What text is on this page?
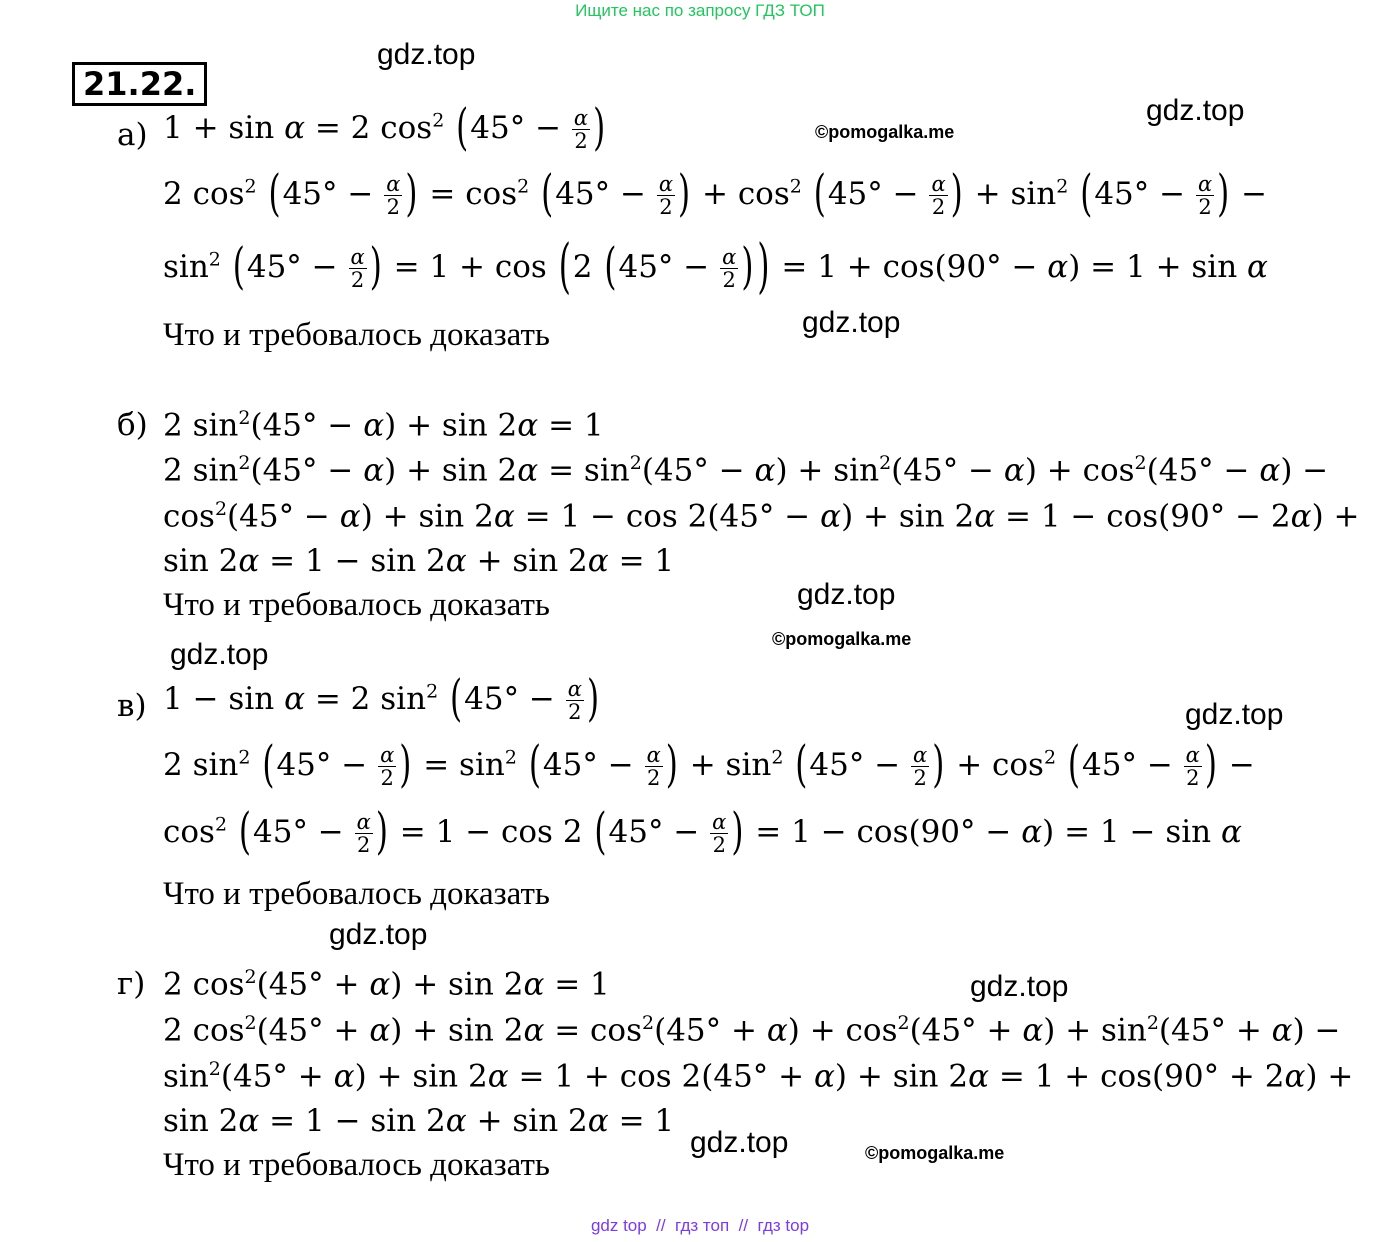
Ищите нас по запросу ГДЗ ТОП
21.22.
gdz.top
gdz.top
gdz.top
gdz.top
gdz.top
gdz.top
gdz.top
gdz.top
gdz.top
©pomogalka.me
©pomogalka.me
©pomogalka.me
а) 1 + sin α = 2 $\cos^2 (45^\circ - \frac{\alpha}{2}$ )
2 $\cos^2 (45^\circ - \frac{\alpha}{2}$ ) = $\cos^2 (45^\circ - \frac{\alpha}{2}$ ) + $\cos^2 (45^\circ - \frac{\alpha}{2}$ ) + $\sin^2 (45^\circ - \frac{\alpha}{2}$ ) −
$\sin^2 (45^\circ - \frac{\alpha}{2}$ ) = 1 + cos (2 ($45^\circ - \frac{\alpha}{2}$ ) ) = 1 + cos(90° − α) = 1 + sin α
Что и требовалось доказать
б) 2 $\sin^2(45^\circ - \alpha) + \sin 2\alpha = 1$
2 $\sin^2(45^\circ - \alpha) + \sin 2\alpha = \sin^2(45^\circ - \alpha) + \sin^2(45^\circ - \alpha) + \cos^2(45^\circ - \alpha)$ −
$\cos^2(45^\circ - \alpha) + \sin 2\alpha = 1 - \cos 2(45^\circ - \alpha) + \sin 2\alpha = 1 - \cos(90^\circ - 2\alpha)$ +
sin 2α = 1 − sin 2α + sin 2α = 1
Что и требовалось доказать
в) 1 − sin α = 2 $\sin^2 (45^\circ - \frac{\alpha}{2}$ )
2 $\sin^2 (45^\circ - \frac{\alpha}{2}$ ) = $\sin^2 (45^\circ - \frac{\alpha}{2}$ ) + $\sin^2 (45^\circ - \frac{\alpha}{2}$ ) + $\cos^2 (45^\circ - \frac{\alpha}{2}$ ) −
$\cos^2 (45^\circ - \frac{\alpha}{2}$ ) = 1 − cos 2 ($45^\circ - \frac{\alpha}{2}$ ) = 1 − cos(90° − α) = 1 − sin α
Что и требовалось доказать
г) 2 $\cos^2(45^\circ + \alpha) + \sin 2\alpha = 1$
2 $\cos^2(45^\circ + \alpha) + \sin 2\alpha = \cos^2(45^\circ + \alpha) + \cos^2(45^\circ + \alpha) + \sin^2(45^\circ + \alpha)$ −
$\sin^2(45^\circ + \alpha) + \sin 2\alpha = 1 + \cos 2(45^\circ + \alpha) + \sin 2\alpha = 1 + \cos(90^\circ + 2\alpha)$ +
sin 2α = 1 − sin 2α + sin 2α = 1
Что и требовалось доказать
gdz top  //  гдз топ  //  гдз top
